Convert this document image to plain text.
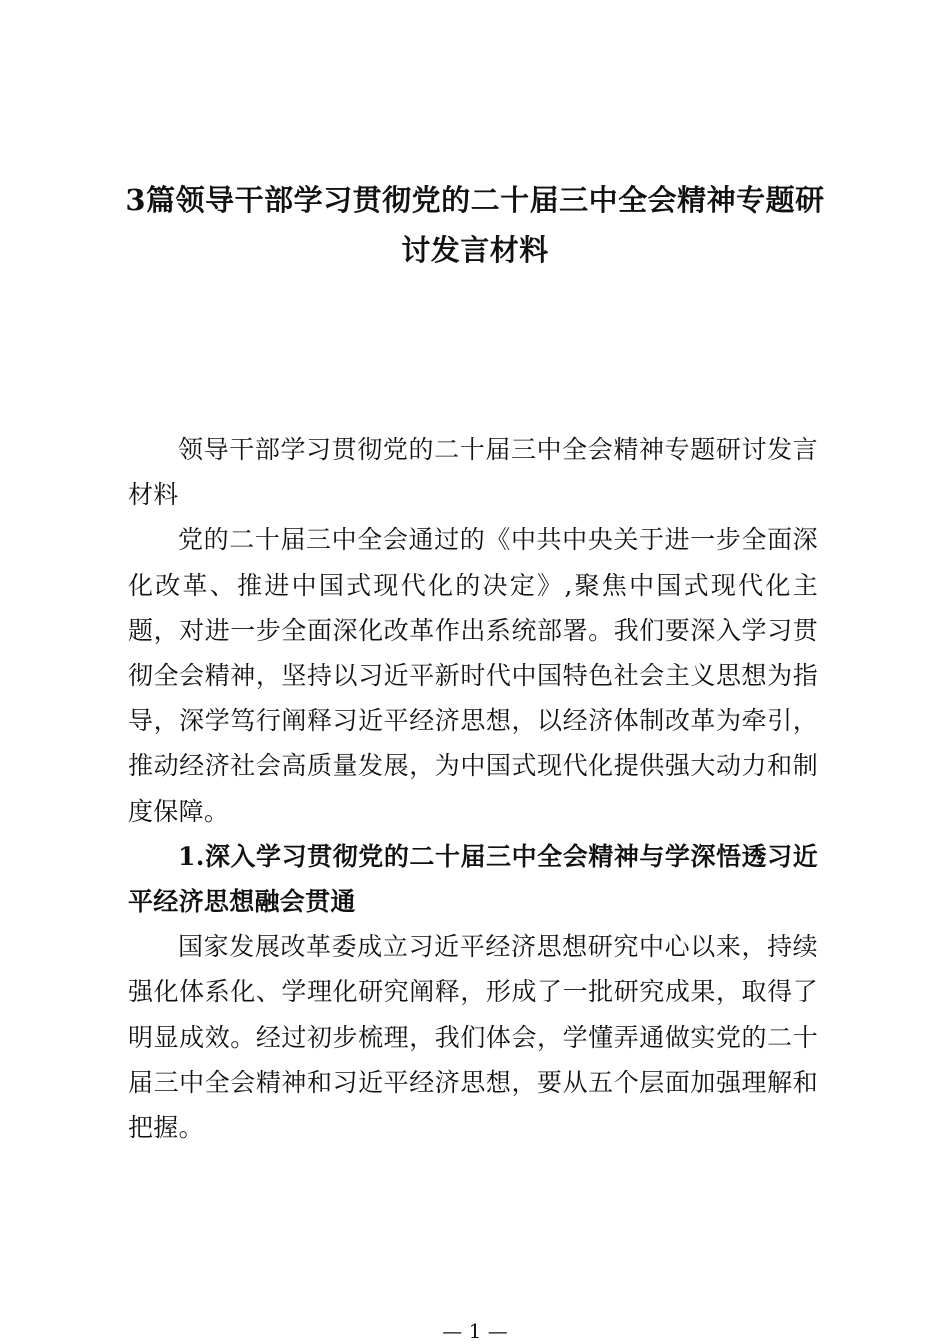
3篇领导干部学习贯彻党的二十届三中全会精神专题研讨发言材料

领导干部学习贯彻党的二十届三中全会精神专题研讨发言材料

党的二十届三中全会通过的《中共中央关于进一步全面深化改革、推进中国式现代化的决定》,聚焦中国式现代化主题，对进一步全面深化改革作出系统部署。我们要深入学习贯彻全会精神，坚持以习近平新时代中国特色社会主义思想为指导，深学笃行阐释习近平经济思想，以经济体制改革为牵引，推动经济社会高质量发展，为中国式现代化提供强大动力和制度保障。

1.深入学习贯彻党的二十届三中全会精神与学深悟透习近平经济思想融会贯通

国家发展改革委成立习近平经济思想研究中心以来，持续强化体系化、学理化研究阐释，形成了一批研究成果，取得了明显成效。经过初步梳理，我们体会，学懂弄通做实党的二十届三中全会精神和习近平经济思想，要从五个层面加强理解和把握。

— 1 —
